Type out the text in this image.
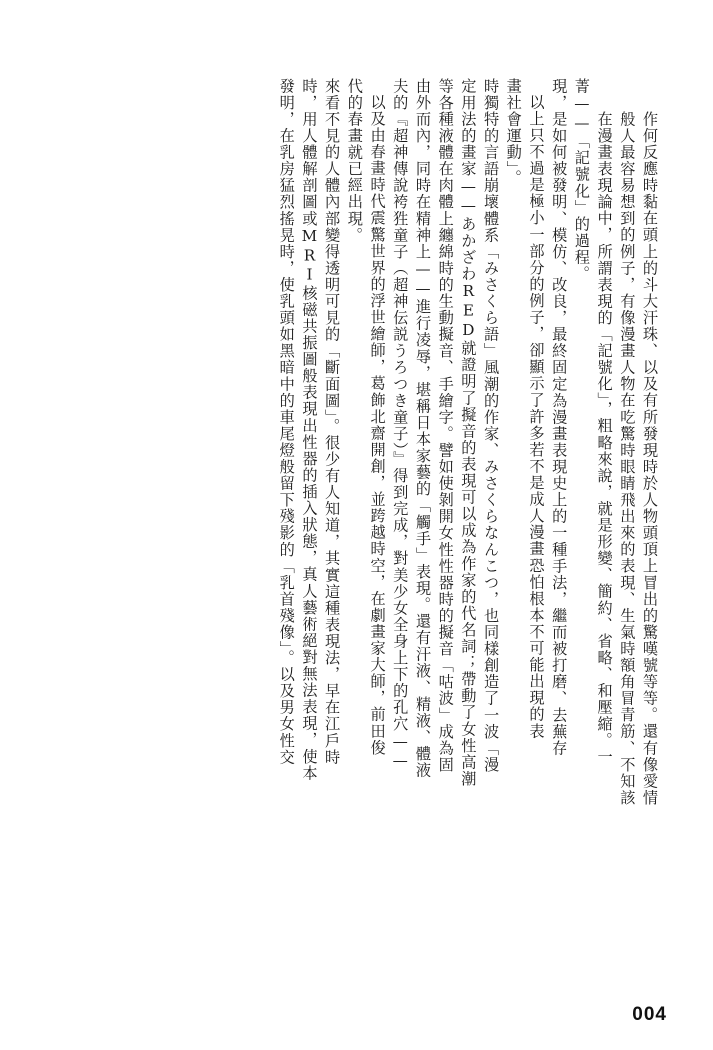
發明，在乳房猛烈搖晃時，使乳頭如黑暗中的車尾燈般留下殘影的「乳首殘像」。以及男女性交 時，用人體解剖圖或MRI核磁共振圖般表現出性器的插入狀態，真人藝術絕對無法表現，使本 來看不見的人體內部變得透明可見的「斷面圖」。很少有人知道，其實這種表現法，早在江戶時 代的春畫就已經出現。 以及由春畫時代震驚世界的浮世繪師，葛飾北齋開創，並跨越時空，在劇畫家大師，前田俊 夫的『超神傳說袴狌童子（超神伝説うろつき童子）』得到完成，對美少女全身上下的孔穴—— 由外而內，同時在精神上——進行凌辱，堪稱日本家藝的「觸手」表現。還有汗液、精液、體液 等各種液體在肉體上纏綿時的生動擬音、手繪字。譬如使剝開女性性器時的擬音「咕波」成為固 定用法的畫家——あかざわRED就證明了擬音的表現可以成為作家的代名詞；帶動了女性高潮 時獨特的言語崩壞體系「みさくら語」風潮的作家、みさくらなんこつ，也同樣創造了一波「漫 畫社會運動」。 以上只不過是極小一部分的例子，卻顯示了許多若不是成人漫畫恐怕根本不可能出現的表 現，是如何被發明、模仿、改良，最終固定為漫畫表現史上的一種手法，繼而被打磨、去蕪存 菁——「記號化」的過程。 在漫畫表現論中，所謂表現的「記號化」，粗略來說，就是形變、簡約、省略、和壓縮。一 般人最容易想到的例子，有像漫畫人物在吃驚時眼睛飛出來的表現、生氣時額角冒青筋、不知該 作何反應時黏在頭上的斗大汗珠、以及有所發現時於人物頭頂上冒出的驚嘆號等等。還有像愛情
004
